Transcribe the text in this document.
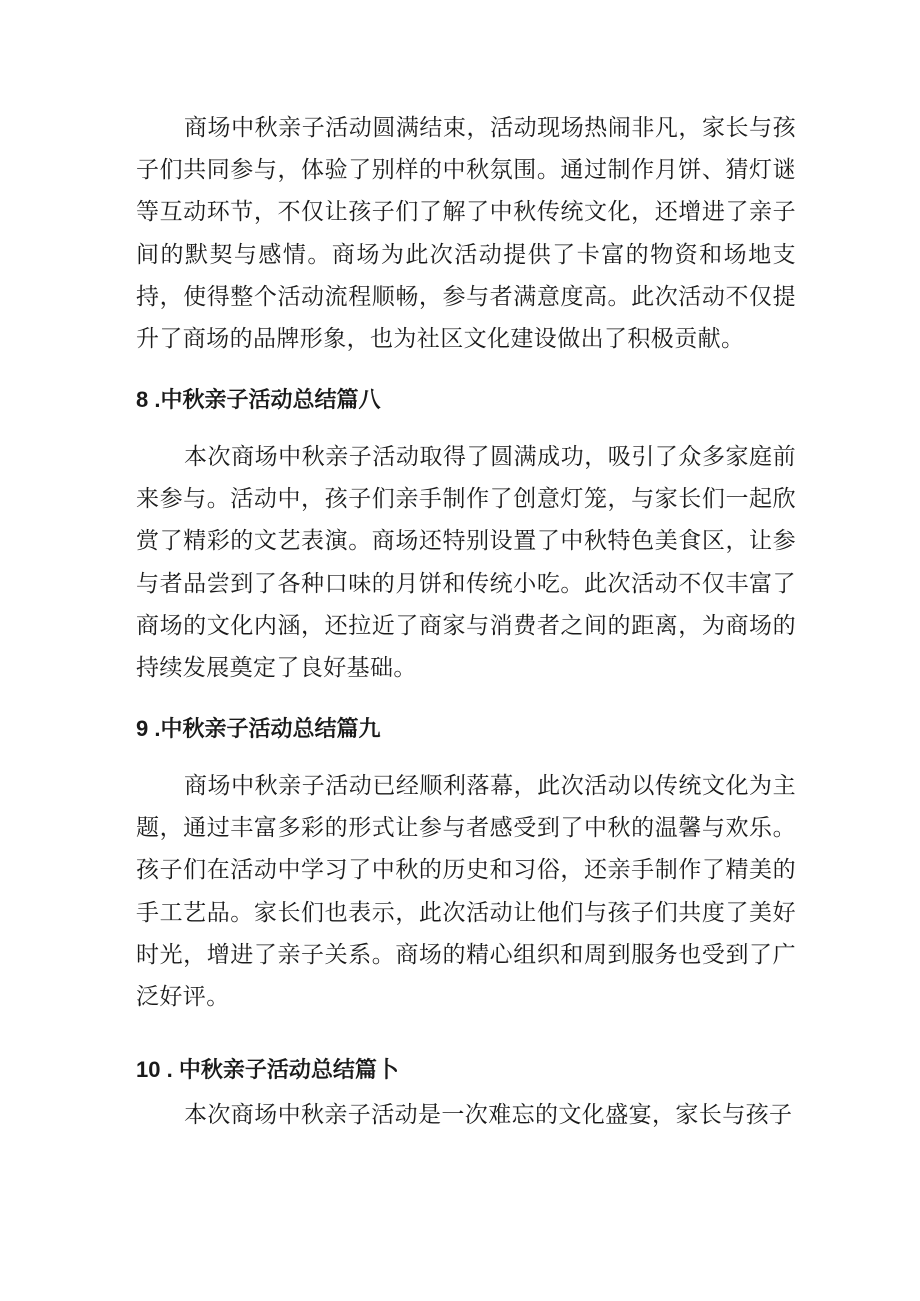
商场中秋亲子活动圆满结束，活动现场热闹非凡，家长与孩子们共同参与，体验了别样的中秋氛围。通过制作月饼、猜灯谜等互动环节，不仅让孩子们了解了中秋传统文化，还增进了亲子间的默契与感情。商场为此次活动提供了卡富的物资和场地支持，使得整个活动流程顺畅，参与者满意度高。此次活动不仅提升了商场的品牌形象，也为社区文化建设做出了积极贡献。

8 .中秋亲子活动总结篇八

本次商场中秋亲子活动取得了圆满成功，吸引了众多家庭前来参与。活动中，孩子们亲手制作了创意灯笼，与家长们一起欣赏了精彩的文艺表演。商场还特别设置了中秋特色美食区，让参与者品尝到了各种口味的月饼和传统小吃。此次活动不仅丰富了商场的文化内涵，还拉近了商家与消费者之间的距离，为商场的持续发展奠定了良好基础。

9 .中秋亲子活动总结篇九

商场中秋亲子活动已经顺利落幕，此次活动以传统文化为主题，通过丰富多彩的形式让参与者感受到了中秋的温馨与欢乐。孩子们在活动中学习了中秋的历史和习俗，还亲手制作了精美的手工艺品。家长们也表示，此次活动让他们与孩子们共度了美好时光，增进了亲子关系。商场的精心组织和周到服务也受到了广泛好评。

10 . 中秋亲子活动总结篇卜

本次商场中秋亲子活动是一次难忘的文化盛宴，家长与孩子
